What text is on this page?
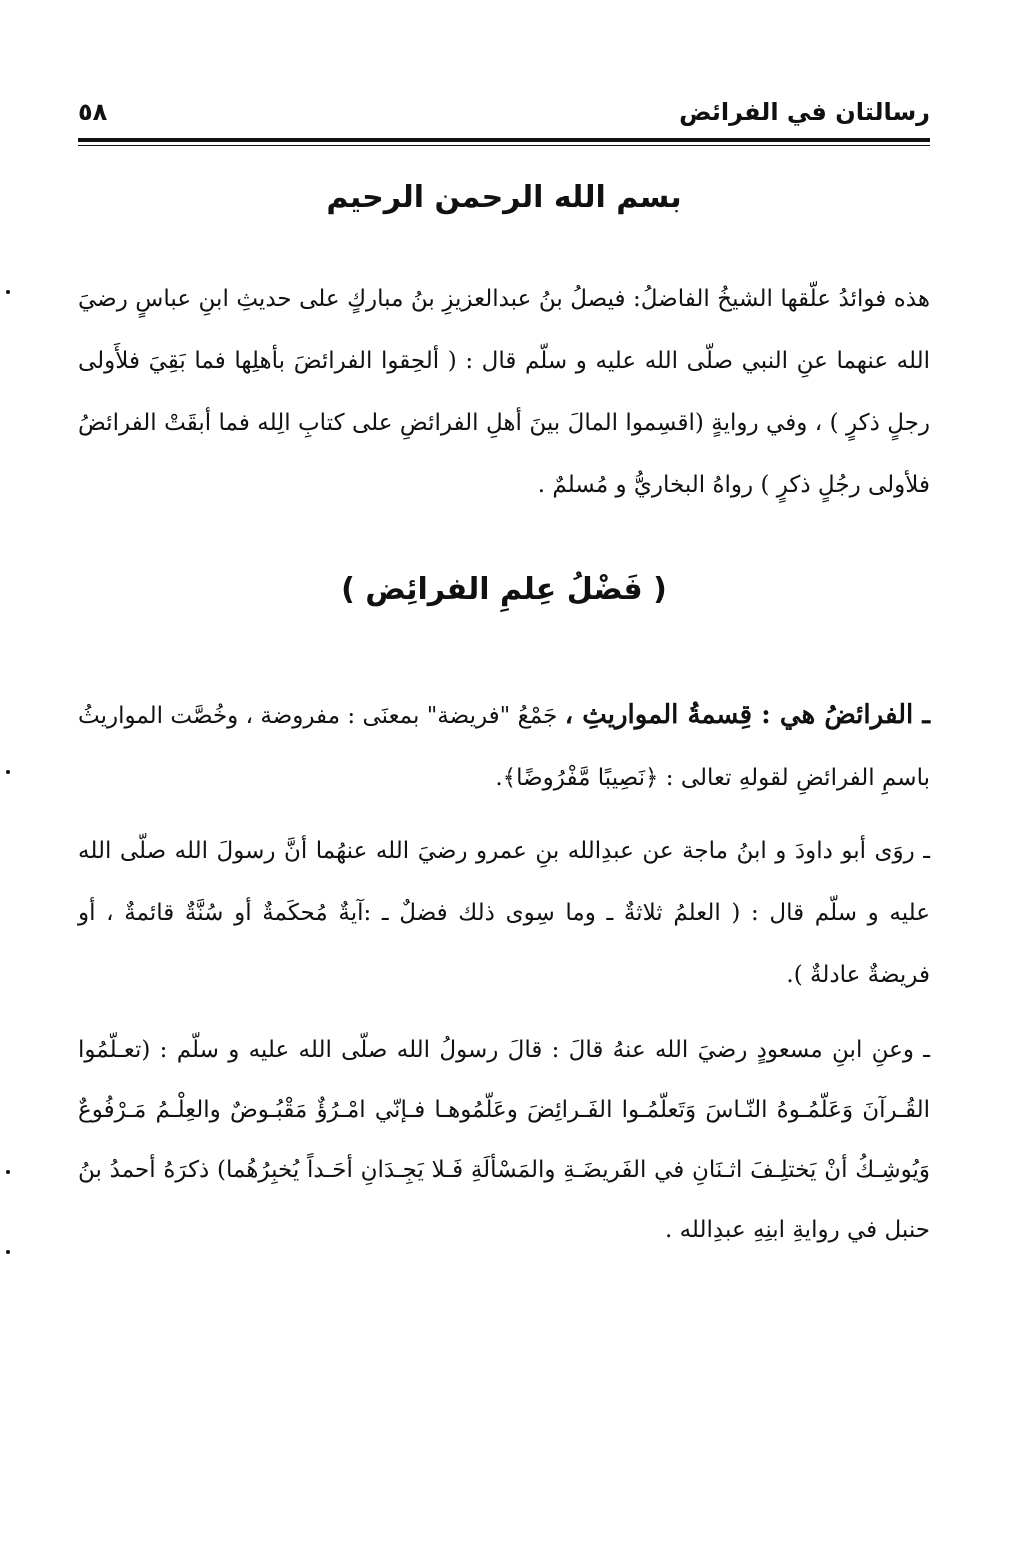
رسالتان في الفرائض
٥٨
بسم الله الرحمن الرحيم

هذه فوائدُ علّقها الشيخُ الفاضلُ: فيصلُ بنُ عبدالعزيزِ بنُ مباركٍ على حديثِ ابنِ عباسٍ رضيَ الله عنهما عنِ النبي صلّى الله عليه و سلّم قال : ( ألحِقوا الفرائضَ بأهلِها فما بَقِيَ فلأَولى رجلٍ ذكرٍ ) ، وفي روايةٍ (اقسِموا المالَ بينَ أهلِ الفرائضِ على كتابِ الِله فما أبقَتْ الفرائضُ فلأولى رجُلٍ ذكرٍ ) رواهُ البخاريُّ و مُسلمٌ .

( فَضْلُ عِلمِ الفرائِض )

ـ الفرائضُ هي : قِسمةُ المواريثِ ، جَمْعُ "فريضة" بمعنَى : مفروضة ، وخُصَّت المواريثُ باسمِ الفرائضِ لقولهِ تعالى : ﴿نَصِيبًا مَّفْرُوضًا﴾.

ـ روَى أبو داودَ و ابنُ ماجة عن عبدِالله بنِ عمرو رضيَ الله عنهُما أنَّ رسولَ الله صلّى الله عليه و سلّم قال : ( العلمُ ثلاثةٌ ـ وما سِوى ذلك فضلٌ ـ :آيةٌ مُحكَمةٌ أو سُنَّةٌ قائمةٌ ، أو فريضةٌ عادلةٌ ).

ـ وعنِ ابنِ مسعودٍ رضيَ الله عنهُ قالَ : قالَ رسولُ الله صلّى الله عليه و سلّم : (تعـلّمُوا القُـرآنَ وَعَلّمُـوهُ النّـاسَ وَتَعلّمُـوا الفَـرائِضَ وعَلّمُوهـا فـإنّي امْـرُؤٌ مَقْبُـوضٌ والعِلْـمُ مَـرْفُوعٌ وَيُوشِـكُ أنْ يَختلِـفَ اثـنَانِ في الفَريضَـةِ والمَسْألَةِ فَـلا يَجِـدَانِ أحَـداً يُخبِرُهُما) ذكرَهُ أحمدُ بنُ حنبل في روايةِ ابنِهِ عبدِالله .
